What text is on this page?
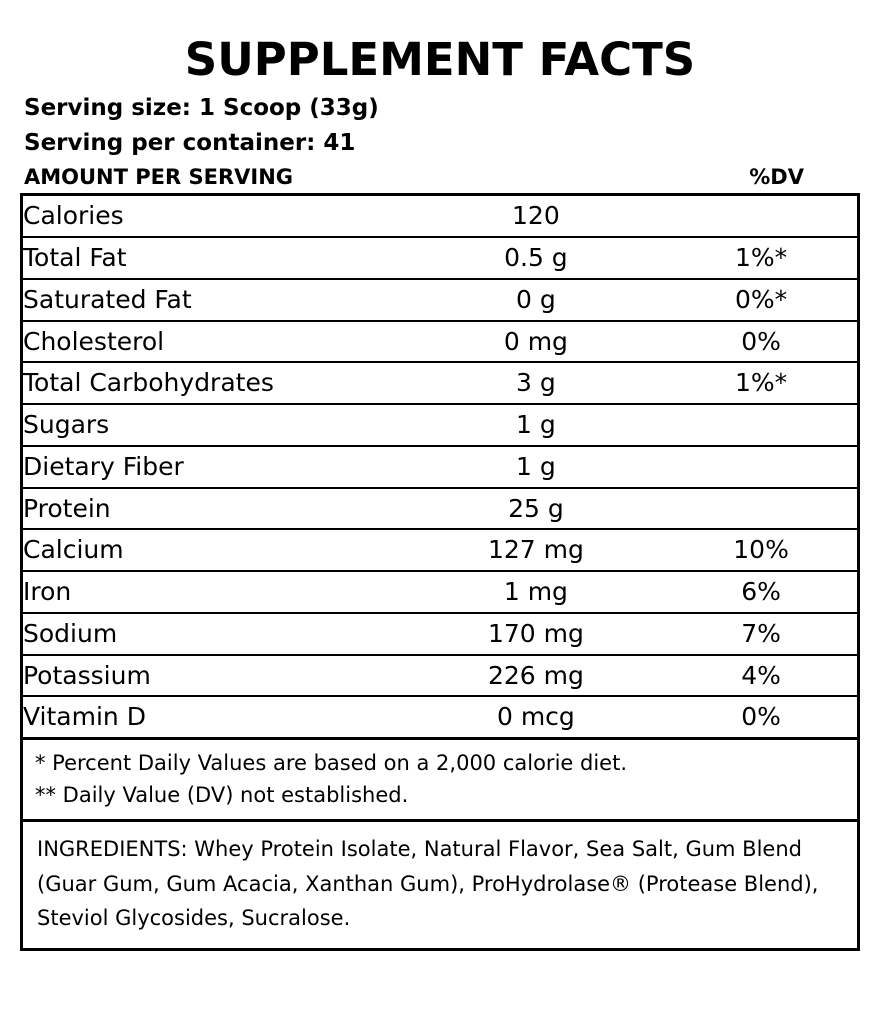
SUPPLEMENT FACTS
Serving size: 1 Scoop (33g)
Serving per container: 41
AMOUNT PER SERVING	%DV
Calories	120	
Total Fat	0.5 g	1%*
Saturated Fat	0 g	0%*
Cholesterol	0 mg	0%
Total Carbohydrates	3 g	1%*
Sugars	1 g	
Dietary Fiber	1 g	
Protein	25 g	
Calcium	127 mg	10%
Iron	1 mg	6%
Sodium	170 mg	7%
Potassium	226 mg	4%
Vitamin D	0 mcg	0%
* Percent Daily Values are based on a 2,000 calorie diet.
** Daily Value (DV) not established.
INGREDIENTS: Whey Protein Isolate, Natural Flavor, Sea Salt, Gum Blend (Guar Gum, Gum Acacia, Xanthan Gum), ProHydrolase® (Protease Blend), Steviol Glycosides, Sucralose.
